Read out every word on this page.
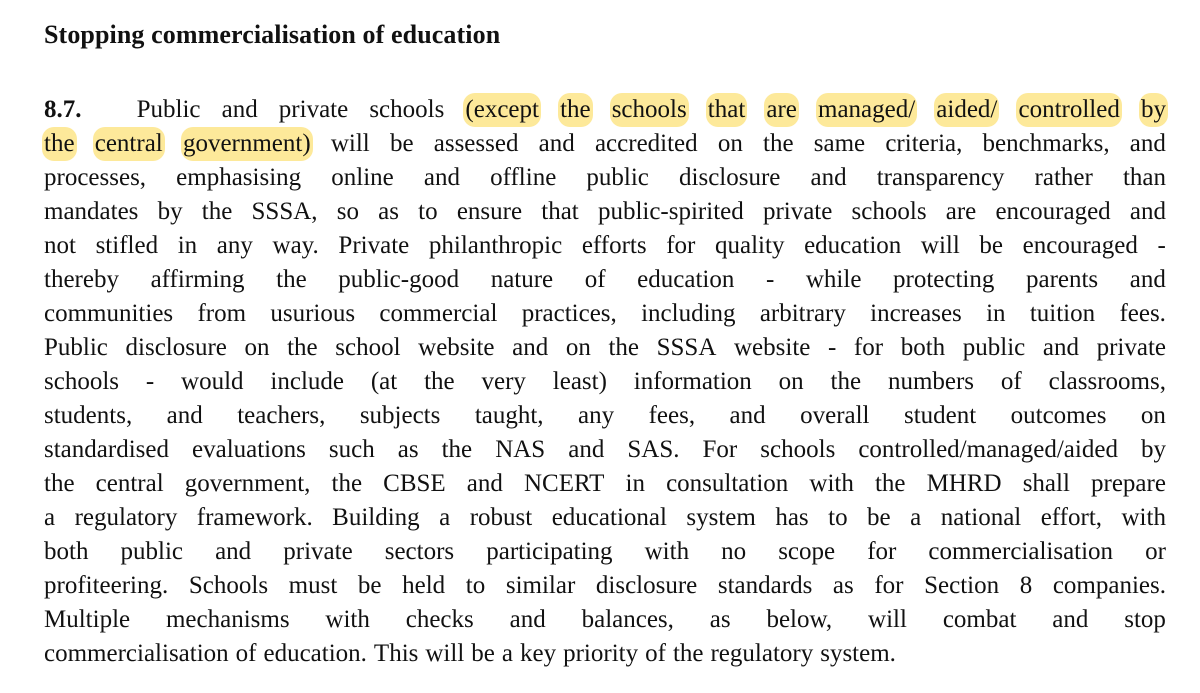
Stopping commercialisation of education
8.7. Public and private schools (except the schools that are managed/ aided/ controlled by
the central government) will be assessed and accredited on the same criteria, benchmarks, and
processes, emphasising online and offline public disclosure and transparency rather than
mandates by the SSSA, so as to ensure that public-spirited private schools are encouraged and
not stifled in any way. Private philanthropic efforts for quality education will be encouraged -
thereby affirming the public-good nature of education - while protecting parents and
communities from usurious commercial practices, including arbitrary increases in tuition fees.
Public disclosure on the school website and on the SSSA website - for both public and private
schools - would include (at the very least) information on the numbers of classrooms,
students, and teachers, subjects taught, any fees, and overall student outcomes on
standardised evaluations such as the NAS and SAS. For schools controlled/managed/aided by
the central government, the CBSE and NCERT in consultation with the MHRD shall prepare
a regulatory framework. Building a robust educational system has to be a national effort, with
both public and private sectors participating with no scope for commercialisation or
profiteering. Schools must be held to similar disclosure standards as for Section 8 companies.
Multiple mechanisms with checks and balances, as below, will combat and stop
commercialisation of education. This will be a key priority of the regulatory system.
